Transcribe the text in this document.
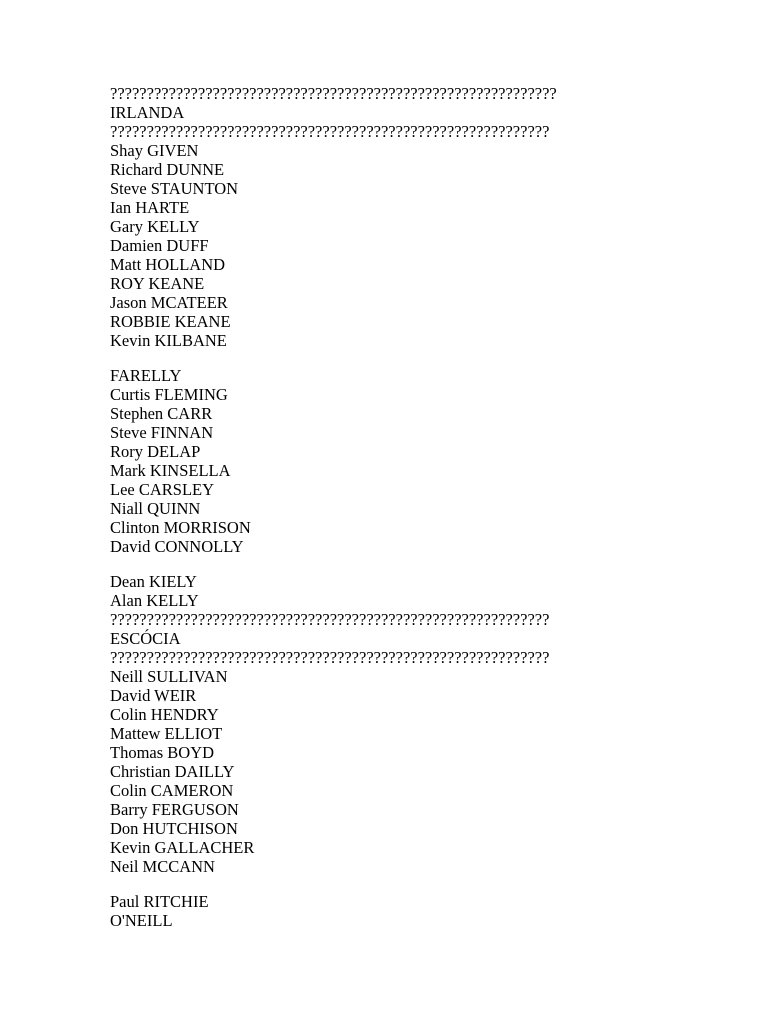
?????????????????????????????????????????????????????????????
IRLANDA
????????????????????????????????????????????????????????????
Shay GIVEN
Richard DUNNE
Steve STAUNTON
Ian HARTE
Gary KELLY
Damien DUFF
Matt HOLLAND
ROY KEANE
Jason MCATEER
ROBBIE KEANE
Kevin KILBANE
FARELLY
Curtis FLEMING
Stephen CARR
Steve FINNAN
Rory DELAP
Mark KINSELLA
Lee CARSLEY
Niall QUINN
Clinton MORRISON
David CONNOLLY
Dean KIELY
Alan KELLY
????????????????????????????????????????????????????????????
ESCÓCIA
????????????????????????????????????????????????????????????
Neill SULLIVAN
David WEIR
Colin HENDRY
Mattew ELLIOT
Thomas BOYD
Christian DAILLY
Colin CAMERON
Barry FERGUSON
Don HUTCHISON
Kevin GALLACHER
Neil MCCANN
Paul RITCHIE
O'NEILL
